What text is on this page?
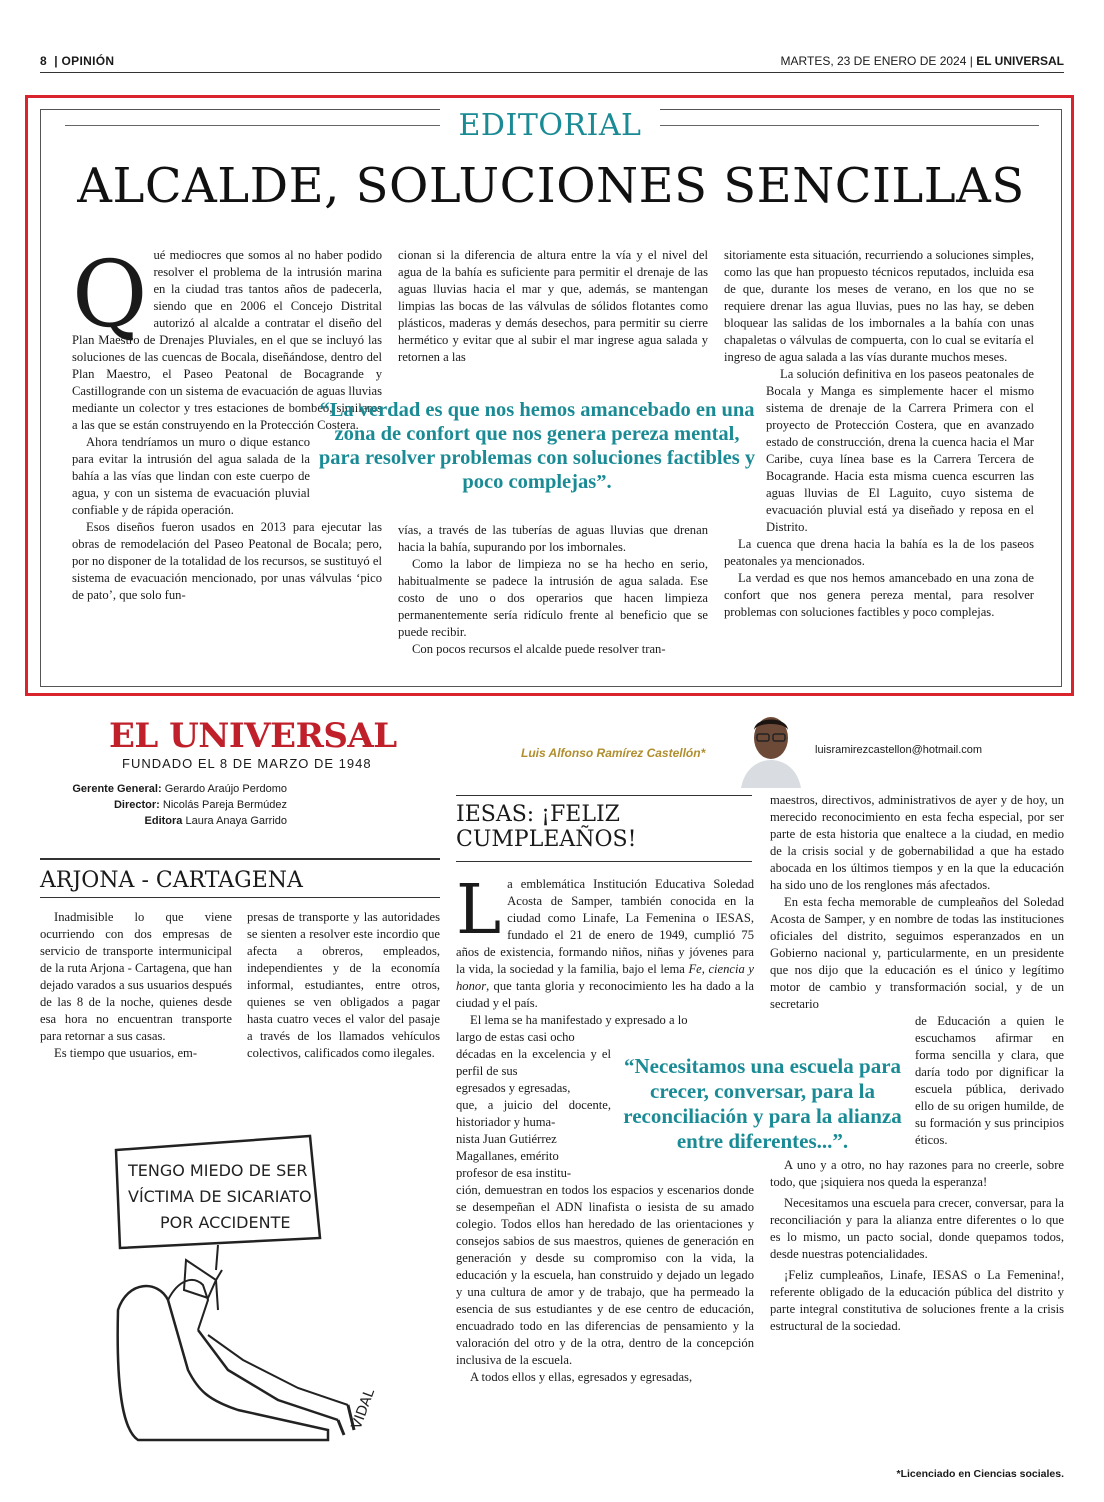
8  | OPINIÓN	MARTES, 23 DE ENERO DE 2024 | EL UNIVERSAL
EDITORIAL
ALCALDE, SOLUCIONES SENCILLAS

Qué mediocres que somos al no haber podido resolver el problema de la intrusión marina en la ciudad tras tantos años de padecerla, siendo que en 2006 el Concejo Distrital autorizó al alcalde a contratar el diseño del Plan Maestro de Drenajes Pluviales, en el que se incluyó las soluciones de las cuencas de Bocala, diseñándose, dentro del Plan Maestro, el Paseo Peatonal de Bocagrande y Castillogrande con un sistema de evacuación de aguas lluvias mediante un colector y tres estaciones de bombeo, similares a las que se están construyendo en la Protección Costera.

Ahora tendríamos un muro o dique estanco para evitar la intrusión del agua salada de la bahía a las vías que lindan con este cuerpo de agua, y con un sistema de evacuación pluvial confiable y de rápida operación.

Esos diseños fueron usados en 2013 para ejecutar las obras de remodelación del Paseo Peatonal de Bocala; pero, por no disponer de la totalidad de los recursos, se sustituyó el sistema de evacuación mencionado, por unas válvulas ‘pico de pato’, que solo fun-

cionan si la diferencia de altura entre la vía y el nivel del agua de la bahía es suficiente para permitir el drenaje de las aguas lluvias hacia el mar y que, además, se mantengan limpias las bocas de las válvulas de sólidos flotantes como plásticos, maderas y demás desechos, para permitir su cierre hermético y evitar que al subir el mar ingrese agua salada y retornen a las

“La verdad es que nos hemos amancebado en una zona de confort que nos genera pereza mental, para resolver problemas con soluciones factibles y poco complejas”.

vías, a través de las tuberías de aguas lluvias que drenan hacia la bahía, supurando por los imbornales.

Como la labor de limpieza no se ha hecho en serio, habitualmente se padece la intrusión de agua salada. Ese costo de uno o dos operarios que hacen limpieza permanentemente sería ridículo frente al beneficio que se puede recibir.

Con pocos recursos el alcalde puede resolver tran-

sitoriamente esta situación, recurriendo a soluciones simples, como las que han propuesto técnicos reputados, incluida esa de que, durante los meses de verano, en los que no se requiere drenar las agua lluvias, pues no las hay, se deben bloquear las salidas de los imbornales a la bahía con unas chapaletas o válvulas de compuerta, con lo cual se evitaría el ingreso de agua salada a las vías durante muchos meses.

La solución definitiva en los paseos peatonales de Bocala y Manga es simplemente hacer el mismo sistema de drenaje de la Carrera Primera con el proyecto de Protección Costera, que en avanzado estado de construcción, drena la cuenca hacia el Mar Caribe, cuya línea base es la Carrera Tercera de Bocagrande. Hacia esta misma cuenca escurren las aguas lluvias de El Laguito, cuyo sistema de evacuación pluvial está ya diseñado y reposa en el Distrito.

La cuenca que drena hacia la bahía es la de los paseos peatonales ya mencionados.

La verdad es que nos hemos amancebado en una zona de confort que nos genera pereza mental, para resolver problemas con soluciones factibles y poco complejas.

EL UNIVERSAL
FUNDADO EL 8 DE MARZO DE 1948
Gerente General: Gerardo Araújo Perdomo
Director: Nicolás Pareja Bermúdez
Editora Laura Anaya Garrido
ARJONA - CARTAGENA

Inadmisible lo que viene ocurriendo con dos empresas de servicio de transporte intermunicipal de la ruta Arjona - Cartagena, que han dejado varados a sus usuarios después de las 8 de la noche, quienes desde esa hora no encuentran transporte para retornar a sus casas.

Es tiempo que usuarios, em-

presas de transporte y las autoridades se sienten a resolver este incordio que afecta a obreros, empleados, independientes y de la economía informal, estudiantes, entre otros, quienes se ven obligados a pagar hasta cuatro veces el valor del pasaje a través de los llamados vehículos colectivos, calificados como ilegales.

TENGO MIEDO DE SER
VÍCTIMA DE SICARIATO
POR ACCIDENTE
VIDAL
Luis Alfonso Ramírez Castellón*	luisramirezcastellon@hotmail.com
IESAS: ¡FELIZ
CUMPLEAÑOS!

La emblemática Institución Educativa Soledad Acosta de Samper, también conocida en la ciudad como Linafe, La Femenina o IESAS, fundado el 21 de enero de 1949, cumplió 75 años de existencia, formando niños, niñas y jóvenes para la vida, la sociedad y la familia, bajo el lema Fe, ciencia y honor, que tanta gloria y reconocimiento les ha dado a la ciudad y el país.

El lema se ha manifestado y expresado a lo
largo de estas casi ocho
décadas en la excelencia y el perfil de sus
egresados y egresadas,
que, a juicio del docente, historiador y huma-
nista Juan Gutiérrez
Magallanes, emérito
profesor de esa institu-

ción, demuestran en todos los espacios y escenarios donde se desempeñan el ADN linafista o iesista de su amado colegio. Todos ellos han heredado de las orientaciones y consejos sabios de sus maestros, quienes de generación en generación y desde su compromiso con la vida, la educación y la escuela, han construido y dejado un legado y una cultura de amor y de trabajo, que ha permeado la esencia de sus estudiantes y de ese centro de educación, encuadrado todo en las diferencias de pensamiento y la valoración del otro y de la otra, dentro de la concepción inclusiva de la escuela.

A todos ellos y ellas, egresados y egresadas,

“Necesitamos una escuela para crecer, conversar, para la reconciliación y para la alianza entre diferentes...”.

maestros, directivos, administrativos de ayer y de hoy, un merecido reconocimiento en esta fecha especial, por ser parte de esta historia que enaltece a la ciudad, en medio de la crisis social y de gobernabilidad a que ha estado abocada en los últimos tiempos y en la que la educación ha sido uno de los renglones más afectados.

En esta fecha memorable de cumpleaños del Soledad Acosta de Samper, y en nombre de todas las instituciones oficiales del distrito, seguimos esperanzados en un Gobierno nacional y, particularmente, en un presidente que nos dijo que la educación es el único y legítimo motor de cambio y transformación social, y de un secretario

de Educación a quien le escuchamos afirmar en forma sencilla y clara, que daría todo por dignificar la escuela pública, derivado ello de su origen humilde, de su formación y sus principios éticos.

A uno y a otro, no hay razones para no creerle, sobre todo, que ¡siquiera nos queda la esperanza!

Necesitamos una escuela para crecer, conversar, para la reconciliación y para la alianza entre diferentes o lo que es lo mismo, un pacto social, donde quepamos todos, desde nuestras potencialidades.

¡Feliz cumpleaños, Linafe, IESAS o La Femenina!, referente obligado de la educación pública del distrito y parte integral constitutiva de soluciones frente a la crisis estructural de la sociedad.

*Licenciado en Ciencias sociales.
